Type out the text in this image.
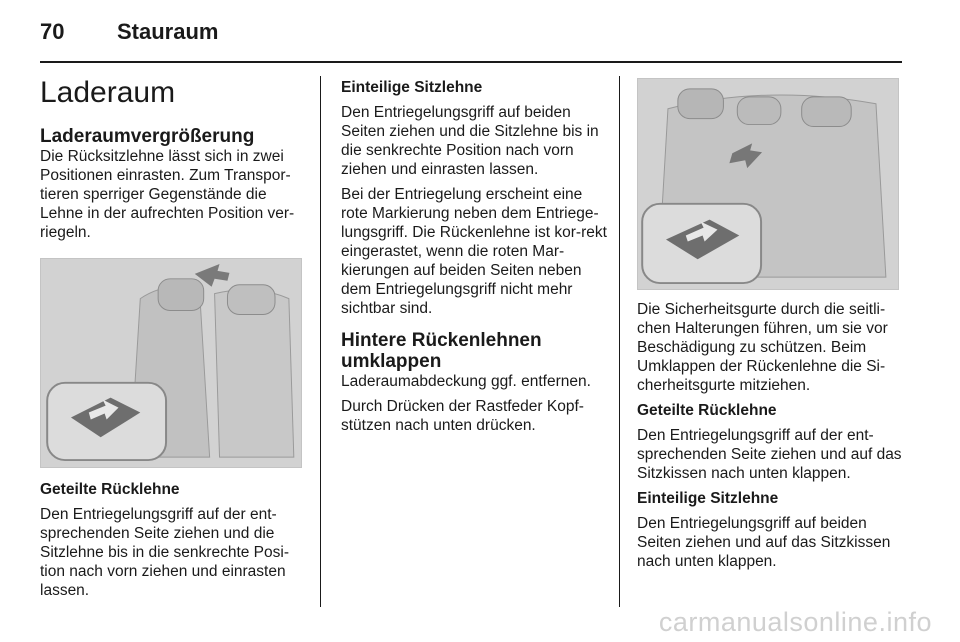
70 Stauraum
Laderaum
Laderaumvergrößerung

Die Rücksitzlehne lässt sich in zwei Positionen einrasten. Zum Transpor-tieren sperriger Gegenstände die Lehne in der aufrechten Position ver-riegeln.

Geteilte Rücklehne

Den Entriegelungsgriff auf der ent-sprechenden Seite ziehen und die Sitzlehne bis in die senkrechte Posi-tion nach vorn ziehen und einrasten lassen.

Einteilige Sitzlehne

Den Entriegelungsgriff auf beiden Seiten ziehen und die Sitzlehne bis in die senkrechte Position nach vorn ziehen und einrasten lassen.

Bei der Entriegelung erscheint eine rote Markierung neben dem Entriege-lungsgriff. Die Rückenlehne ist kor-rekt eingerastet, wenn die roten Mar-kierungen auf beiden Seiten neben dem Entriegelungsgriff nicht mehr sichtbar sind.

Hintere Rückenlehnen umklappen

Laderaumabdeckung ggf. entfernen.

Durch Drücken der Rastfeder Kopf-stützen nach unten drücken.

Die Sicherheitsgurte durch die seitli-chen Halterungen führen, um sie vor Beschädigung zu schützen. Beim Umklappen der Rückenlehne die Si-cherheitsgurte mitziehen.

Geteilte Rücklehne

Den Entriegelungsgriff auf der ent-sprechenden Seite ziehen und auf das Sitzkissen nach unten klappen.

Einteilige Sitzlehne

Den Entriegelungsgriff auf beiden Seiten ziehen und auf das Sitzkissen nach unten klappen.

carmanualsonline.info
